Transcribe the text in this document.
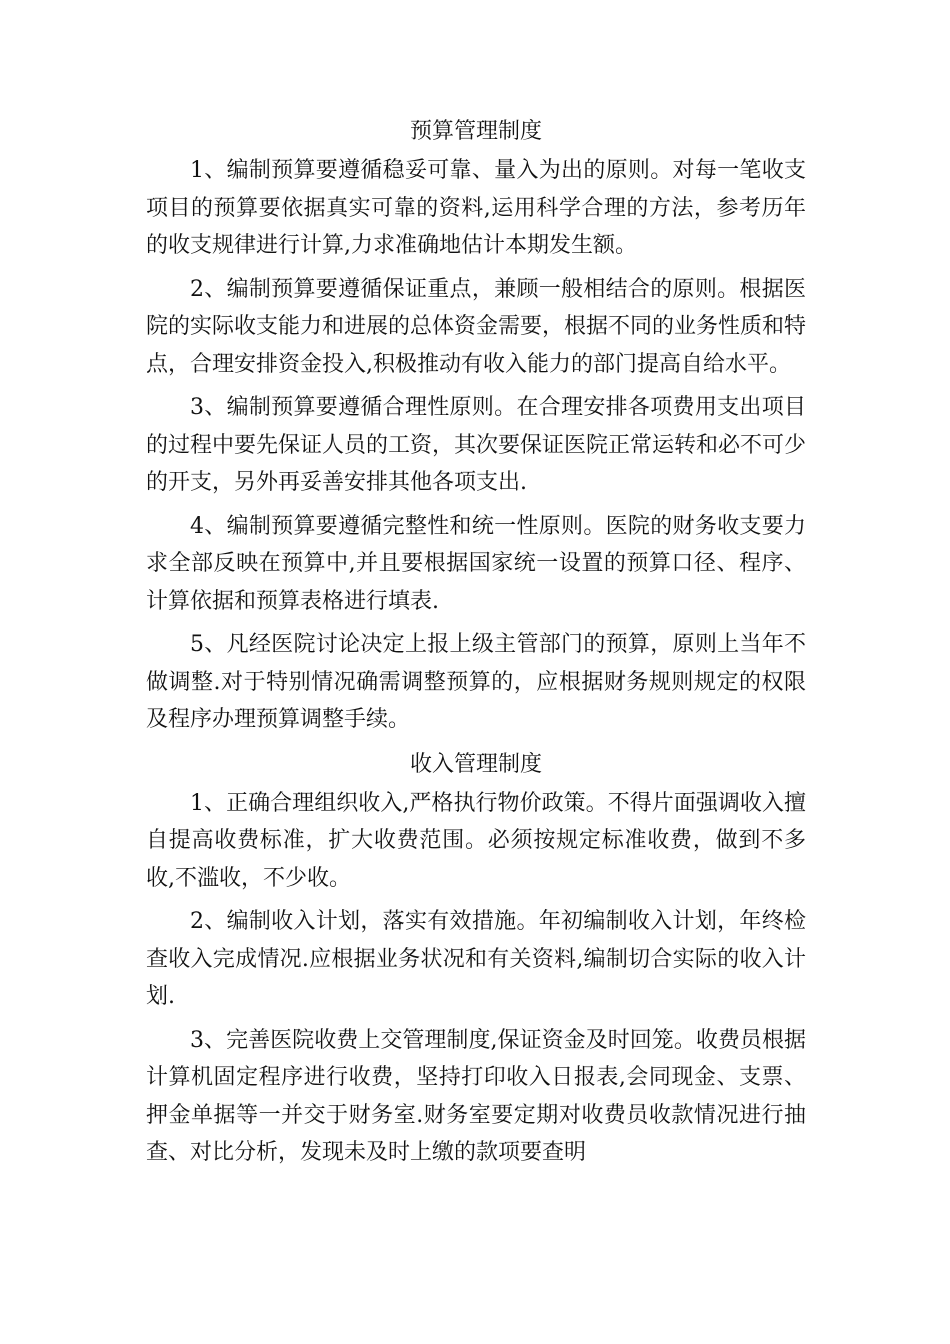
预算管理制度

1、编制预算要遵循稳妥可靠、量入为出的原则。对每一笔收支项目的预算要依据真实可靠的资料,运用科学合理的方法，参考历年的收支规律进行计算,力求准确地估计本期发生额。

2、编制预算要遵循保证重点，兼顾一般相结合的原则。根据医院的实际收支能力和进展的总体资金需要，根据不同的业务性质和特点，合理安排资金投入,积极推动有收入能力的部门提高自给水平。

3、编制预算要遵循合理性原则。在合理安排各项费用支出项目的过程中要先保证人员的工资，其次要保证医院正常运转和必不可少的开支，另外再妥善安排其他各项支出.

4、编制预算要遵循完整性和统一性原则。医院的财务收支要力求全部反映在预算中,并且要根据国家统一设置的预算口径、程序、计算依据和预算表格进行填表.

5、凡经医院讨论决定上报上级主管部门的预算，原则上当年不做调整.对于特别情况确需调整预算的，应根据财务规则规定的权限及程序办理预算调整手续。

收入管理制度

1、正确合理组织收入,严格执行物价政策。不得片面强调收入擅自提高收费标准，扩大收费范围。必须按规定标准收费，做到不多收,不滥收，不少收。

2、编制收入计划，落实有效措施。年初编制收入计划，年终检查收入完成情况.应根据业务状况和有关资料,编制切合实际的收入计划.

3、完善医院收费上交管理制度,保证资金及时回笼。收费员根据计算机固定程序进行收费，坚持打印收入日报表,会同现金、支票、押金单据等一并交于财务室.财务室要定期对收费员收款情况进行抽查、对比分析，发现未及时上缴的款项要查明
